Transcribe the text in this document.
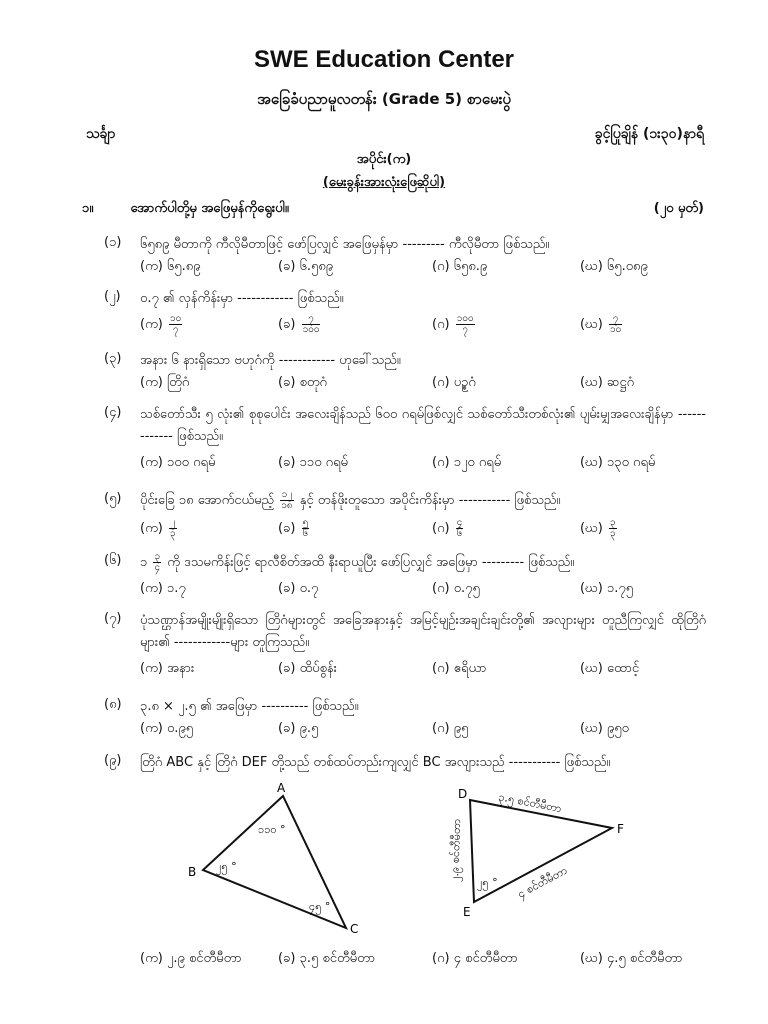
SWE Education Center
အခြေခံပညာမူလတန်း (Grade 5) စာမေးပွဲ
သင်္ချာ	ခွင့်ပြုချိန် (၁း၃၀)နာရီ
အပိုင်း(က)
(မေးခွန်းအားလုံးဖြေဆိုပါ)
၁။	အောက်ပါတို့မှ အဖြေမှန်ကိုရွေးပါ။	(၂၀ မှတ်)
(၁) ၆၅၈၉ မီတာကို ကီလိုမီတာဖြင့် ဖော်ပြလျှင် အဖြေမှန်မှာ --------- ကီလိုမီတာ ဖြစ်သည်။
(က) ၆၅.၈၉	(ခ) ၆.၅၈၉	(ဂ) ၆၅၈.၉	(ဃ) ၆၅.၀၈၉
(၂) ၀.၇ ၏ လှန်ကိန်းမှာ ------------ ဖြစ်သည်။
(က) $\frac{၁၀}{၇}$	(ခ) $\frac{၇}{၁၀၀}$	(ဂ) $\frac{၁၀၀}{၇}$	(ဃ) $\frac{၇}{၁၀}$
(၃) အနား ၆ နားရှိသော ဗဟုဂံကို ------------ ဟုခေါ်သည်။
(က) တြိဂံ	(ခ) စတုဂံ	(ဂ) ပဉ္စဂံ	(ဃ) ဆဋ္ဌဂံ
(၄) သစ်တော်သီး ၅ လုံး၏ စုစုပေါင်း အလေးချိန်သည် ၆၀၀ ဂရမ်ဖြစ်လျှင် သစ်တော်သီးတစ်လုံး၏ ပျမ်းမျှအလေးချိန်မှာ ------------- ဖြစ်သည်။
(က) ၁၀၀ ဂရမ်	(ခ) ၁၁၀ ဂရမ်	(ဂ) ၁၂၀ ဂရမ်	(ဃ) ၁၃၀ ဂရမ်
(၅) ပိုင်းခြေ ၁၈ အောက်ငယ်မည့် $\frac{၁၂}{၁၈}$ နှင့် တန်ဖိုးတူသော အပိုင်းကိန်းမှာ ----------- ဖြစ်သည်။
(က) $\frac{၂}{၃}$	(ခ) $\frac{၅}{၆}$	(ဂ) $\frac{၄}{၆}$	(ဃ) $\frac{၃}{၃}$
(၆) ၁ $\frac{၃}{၄}$ ကို ဒသမကိန်းဖြင့် ရာလီစိတ်အထိ နီးရာယူပြီး ဖော်ပြလျှင် အဖြေမှာ --------- ဖြစ်သည်။
(က) ၁.၇	(ခ) ၀.၇	(ဂ) ၀.၇၅	(ဃ) ၁.၇၅
(၇) ပုံသဏ္ဌာန်အမျိုးမျိုးရှိသော တြိဂံများတွင် အခြေအနားနှင့် အမြင့်မျဉ်းအချင်းချင်းတို့၏ အလျားများ တူညီကြလျှင် ထိုတြိဂံများ၏ ------------များ တူကြသည်။
(က) အနား	(ခ) ထိပ်စွန်း	(ဂ) ဧရိယာ	(ဃ) ထောင့်
(၈) ၃.၈ × ၂.၅ ၏ အဖြေမှာ ---------- ဖြစ်သည်။
(က) ၀.၉၅	(ခ) ၉.၅	(ဂ) ၉၅	(ဃ) ၉၅၀
(၉) တြိဂံ ABC နှင့် တြိဂံ DEF တို့သည် တစ်ထပ်တည်းကျလျှင် BC အလျားသည် ----------- ဖြစ်သည်။
A
B
C
၁၁၀ °
၂၅ °
၄၅ °
D
F
E
၃.၅ စင်တီမီတာ
၂.၉ စင်တီမီတာ
၄ စင်တီမီတာ
၂၅ °
(က) ၂.၉ စင်တီမီတာ	(ခ) ၃.၅ စင်တီမီတာ	(ဂ) ၄ စင်တီမီတာ	(ဃ) ၄.၅ စင်တီမီတာ
